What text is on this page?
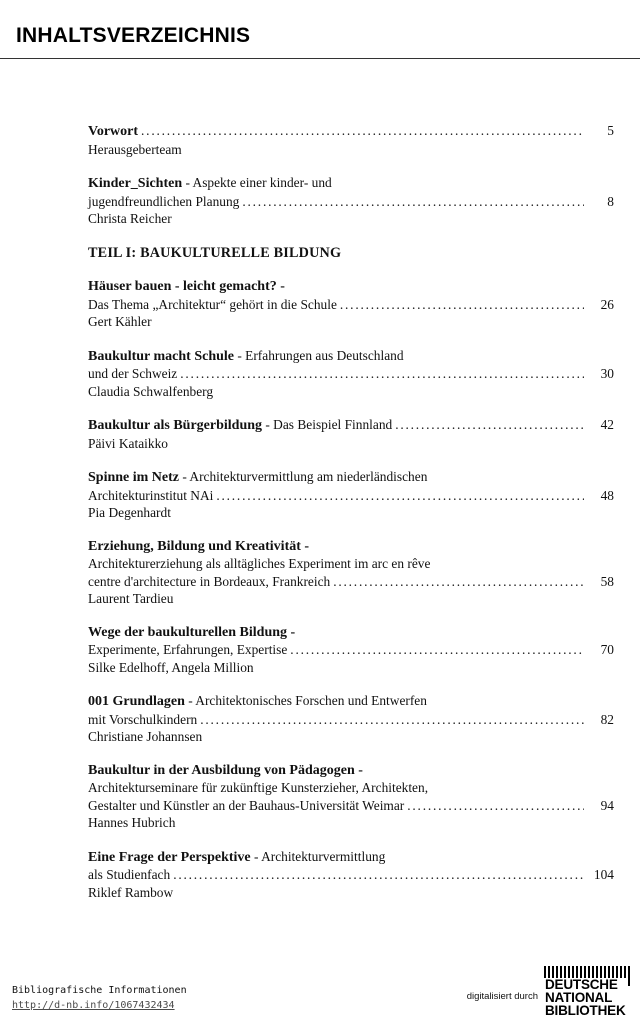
INHALTSVERZEICHNIS
Vorwort .....	5
Herausgeberteam
Kinder_Sichten - Aspekte einer kinder- und
jugendfreundlichen Planung .....	8
Christa Reicher
TEIL I: BAUKULTURELLE BILDUNG
Häuser bauen - leicht gemacht? -
Das Thema „Architektur“ gehört in die Schule .....	26
Gert Kähler
Baukultur macht Schule - Erfahrungen aus Deutschland
und der Schweiz .....	30
Claudia Schwalfenberg
Baukultur als Bürgerbildung - Das Beispiel Finnland .....	42
Päivi Kataikko
Spinne im Netz - Architekturvermittlung am niederländischen
Architekturinstitut NAi .....	48
Pia Degenhardt
Erziehung, Bildung und Kreativität -
Architekturerziehung als alltägliches Experiment im arc en rêve
centre d'architecture in Bordeaux, Frankreich .....	58
Laurent Tardieu
Wege der baukulturellen Bildung -
Experimente, Erfahrungen, Expertise .....	70
Silke Edelhoff, Angela Million
001 Grundlagen - Architektonisches Forschen und Entwerfen
mit Vorschulkindern .....	82
Christiane Johannsen
Baukultur in der Ausbildung von Pädagogen -
Architekturseminare für zukünftige Kunsterzieher, Architekten,
Gestalter und Künstler an der Bauhaus-Universität Weimar .....	94
Hannes Hubrich
Eine Frage der Perspektive - Architekturvermittlung
als Studienfach .....	104
Riklef Rambow
Bibliografische Informationen
http://d-nb.info/1067432434
digitalisiert durch
DEUTSCHE
NATIONAL
BIBLIOTHEK
